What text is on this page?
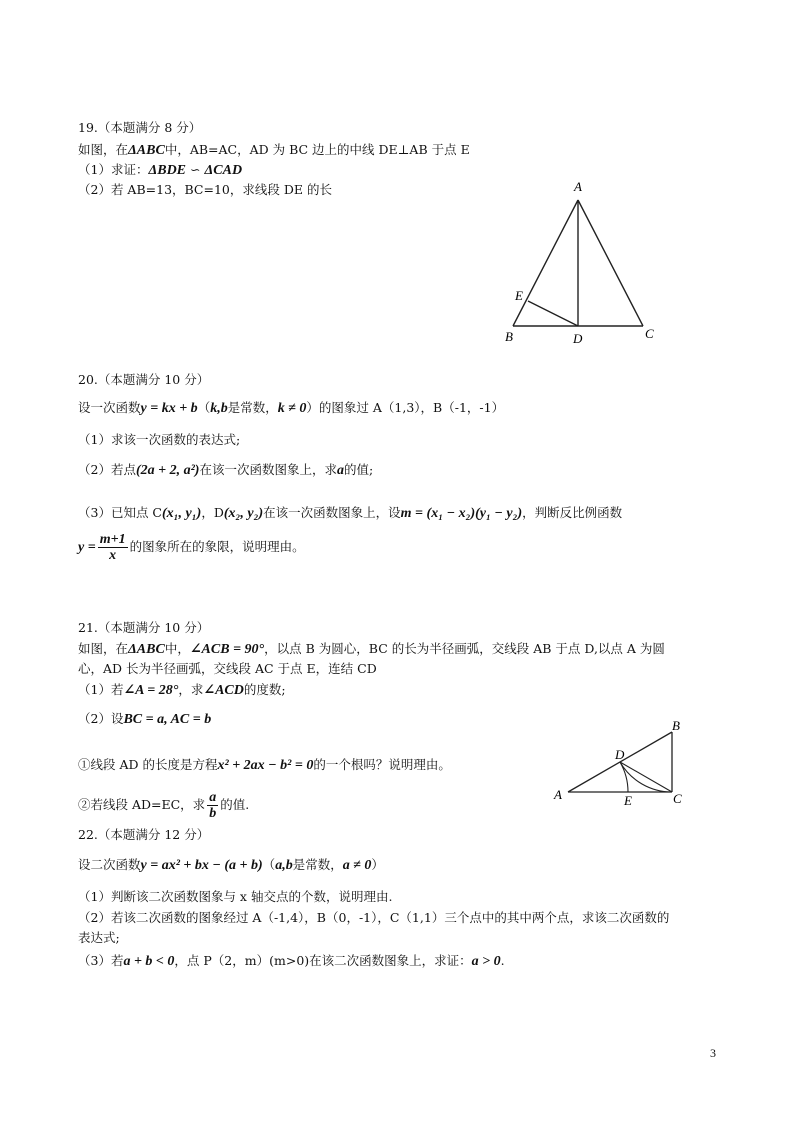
19.（本题满分 8 分）
如图，在ΔABC中，AB=AC，AD 为 BC 边上的中线 DE⊥AB 于点 E
（1）求证：ΔBDE ∽ ΔCAD
（2）若 AB=13，BC=10，求线段 DE 的长	A
B	C
D
E
20.（本题满分 10 分）
设一次函数y = kx + b（k,b是常数，k ≠ 0）的图象过 A（1,3），B（-1，-1）
（1）求该一次函数的表达式;
（2）若点(2a + 2, a²)在该一次函数图象上，求a的值;
（3）已知点 C(x₁, y₁)，D(x₂, y₂)在该一次函数图象上，设m = (x₁ − x₂)(y₁ − y₂)，判断反比例函数
$y = \frac{m+1}{x}$ 的图象所在的象限，说明理由。
21.（本题满分 10 分）
如图，在ΔABC中，∠ACB = 90°，以点 B 为圆心，BC 的长为半径画弧，交线段 AB 于点 D,以点 A 为圆
心，AD 长为半径画弧，交线段 AC 于点 E，连结 CD
（1）若∠A = 28°，求∠ACD的度数;
（2）设BC = a, AC = b
①线段 AD 的长度是方程x² + 2ax − b² = 0的一个根吗？说明理由。
②若线段 AD=EC，求 $\frac{a}{b}$ 的值.
A
B
C
D
E
22.（本题满分 12 分）
设二次函数y = ax² + bx − (a + b)（a,b是常数，a ≠ 0）
（1）判断该二次函数图象与 x 轴交点的个数，说明理由.
（2）若该二次函数的图象经过 A（-1,4），B（0，-1），C（1,1）三个点中的其中两个点，求该二次函数的
表达式;
（3）若a + b < 0，点 P（2，m）(m>0)在该二次函数图象上，求证：a > 0.
3
